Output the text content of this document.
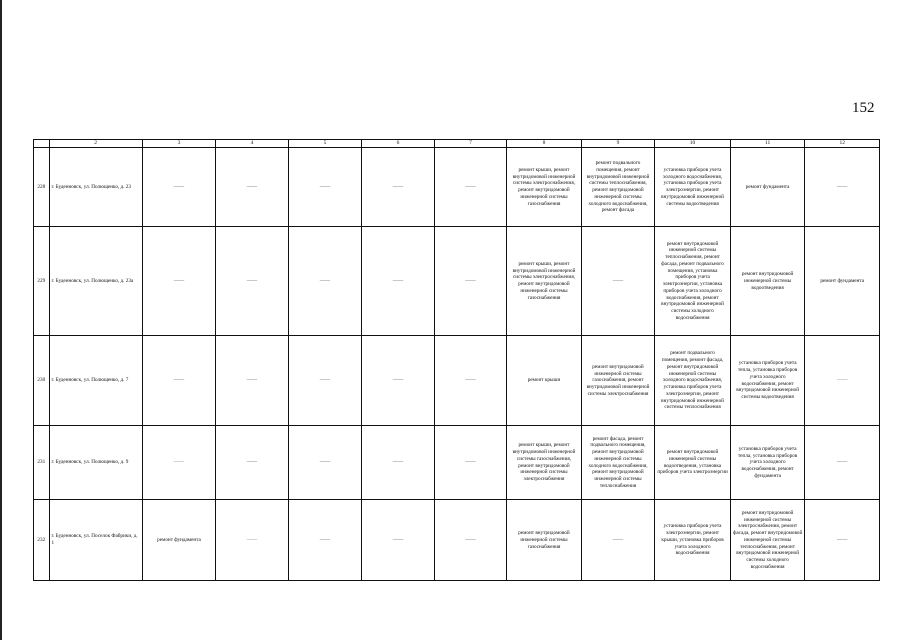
152
	2	3	4	5	6	7	8	9	10	11	12
228	г. Буденновск, ул. Полющенко, д. 23	——	——	——	——	——	ремонт крыши, ремонт внутридомовой инженерной системы электроснабжения, ремонт внутридомовой инженерной системы газоснабжения	ремонт подвального помещения, ремонт внутридомовой инженерной системы теплоснабжения, ремонт внутридомовой инженерной системы холодного водоснабжения, ремонт фасада	установка приборов учета холодного водоснабжения, установка приборов учета электроэнергии, ремонт внутридомовой инженерной системы водоотведения	ремонт фундамента	——
229	г. Буденновск, ул. Полющенко, д. 23а	——	——	——	——	——	ремонт крыши, ремонт внутридомовой инженерной системы электроснабжения, ремонт внутридомовой инженерной системы газоснабжения	——	ремонт внутридомовой инженерной системы теплоснабжения, ремонт фасада, ремонт подвального помещения, установка приборов учета электроэнергии, установка приборов учета холодного водоснабжения, ремонт внутридомовой инженерной системы холодного водоснабжения	ремонт внутридомовой инженерной системы водоотведения	ремонт фундамента
230	г. Буденновск, ул. Полющенко, д. 7	——	——	——	——	——	ремонт крыши	ремонт внутридомовой инженерной системы газоснабжения, ремонт внутридомовой инженерной системы электроснабжения	ремонт подвального помещения, ремонт фасада, ремонт внутридомовой инженерной системы холодного водоснабжения, установка приборов учета электроэнергии, ремонт внутридомовой инженерной системы теплоснабжения	установка приборов учета тепла, установка приборов учета холодного водоснабжения, ремонт внутридомовой инженерной системы водоотведения	——
231	г. Буденновск, ул. Полющенко, д. 9	——	——	——	——	——	ремонт крыши, ремонт внутридомовой инженерной системы газоснабжения, ремонт внутридомовой инженерной системы электроснабжения	ремонт фасада, ремонт подвального помещения, ремонт внутридомовой инженерной системы холодного водоснабжения, ремонт внутридомовой инженерной системы теплоснабжения	ремонт внутридомовой инженерной системы водоотведения, установка приборов учета электроэнергии	установка приборов учета тепла, установка приборов учета холодного водоснабжения, ремонт фундамента	——
232	г. Буденновск, ул. Поселок Фабрики, д. 1	ремонт фундамента	——	——	——	——	ремонт внутридомовой инженерной системы газоснабжения	——	установка приборов учета электроэнергии, ремонт крыши, установка приборов учета холодного водоснабжения	ремонт внутридомовой инженерной системы электроснабжения, ремонт фасада, ремонт внутридомовой инженерной системы теплоснабжения, ремонт внутридомовой инженерной системы холодного водоснабжения	——
